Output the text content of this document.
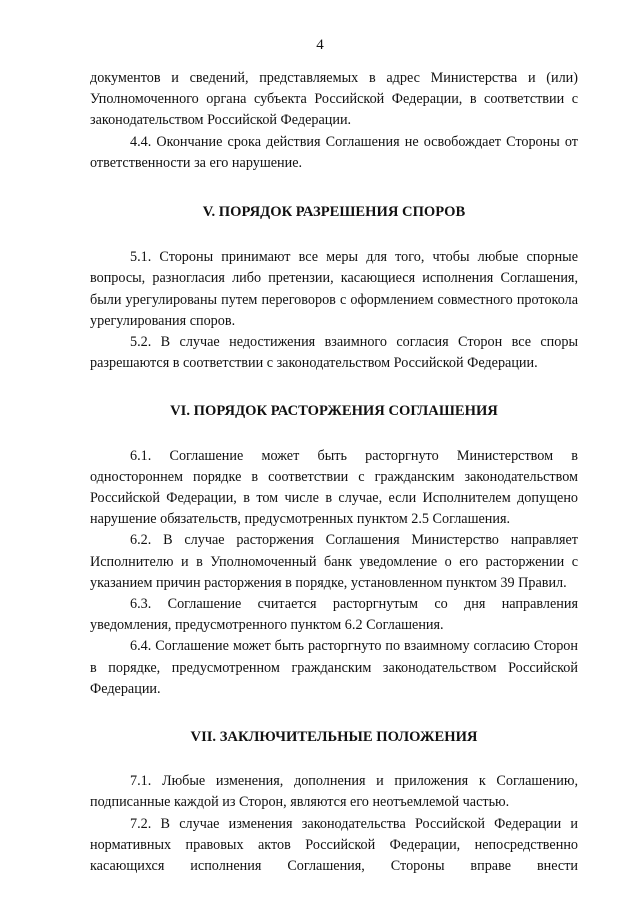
4

документов и сведений, представляемых в адрес Министерства и (или) Уполномоченного органа субъекта Российской Федерации, в соответствии с законодательством Российской Федерации.

4.4. Окончание срока действия Соглашения не освобождает Стороны от ответственности за его нарушение.

V. ПОРЯДОК РАЗРЕШЕНИЯ СПОРОВ

5.1. Стороны принимают все меры для того, чтобы любые спорные вопросы, разногласия либо претензии, касающиеся исполнения Соглашения, были урегулированы путем переговоров с оформлением совместного протокола урегулирования споров.

5.2. В случае недостижения взаимного согласия Сторон все споры разрешаются в соответствии с законодательством Российской Федерации.

VI. ПОРЯДОК РАСТОРЖЕНИЯ СОГЛАШЕНИЯ

6.1. Соглашение может быть расторгнуто Министерством в одностороннем порядке в соответствии с гражданским законодательством Российской Федерации, в том числе в случае, если Исполнителем допущено нарушение обязательств, предусмотренных пунктом 2.5 Соглашения.

6.2. В случае расторжения Соглашения Министерство направляет Исполнителю и в Уполномоченный банк уведомление о его расторжении с указанием причин расторжения в порядке, установленном пунктом 39 Правил.

6.3. Соглашение считается расторгнутым со дня направления уведомления, предусмотренного пунктом 6.2 Соглашения.

6.4. Соглашение может быть расторгнуто по взаимному согласию Сторон в порядке, предусмотренном гражданским законодательством Российской Федерации.

VII. ЗАКЛЮЧИТЕЛЬНЫЕ ПОЛОЖЕНИЯ

7.1. Любые изменения, дополнения и приложения к Соглашению, подписанные каждой из Сторон, являются его неотъемлемой частью.

7.2. В случае изменения законодательства Российской Федерации и нормативных правовых актов Российской Федерации, непосредственно касающихся исполнения Соглашения, Стороны вправе внести
